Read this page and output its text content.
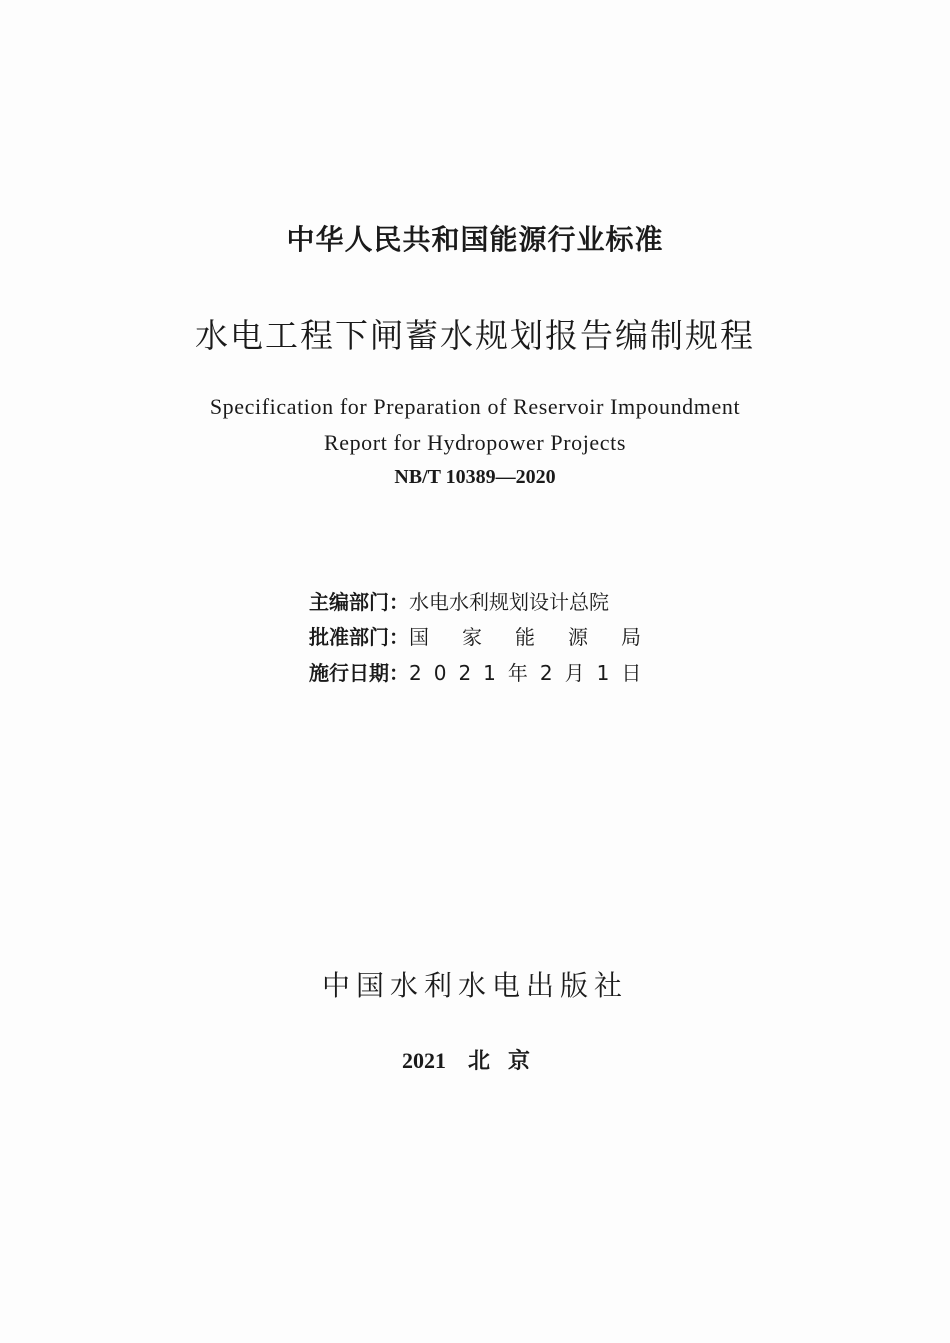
中华人民共和国能源行业标准
水电工程下闸蓄水规划报告编制规程
Specification for Preparation of Reservoir Impoundment
Report for Hydropower Projects
NB/T 10389—2020
主编部门：水电水利规划设计总院
批准部门：国家能源局
施行日期：2021年2月1日
中国水利水电出版社
2021 北京
